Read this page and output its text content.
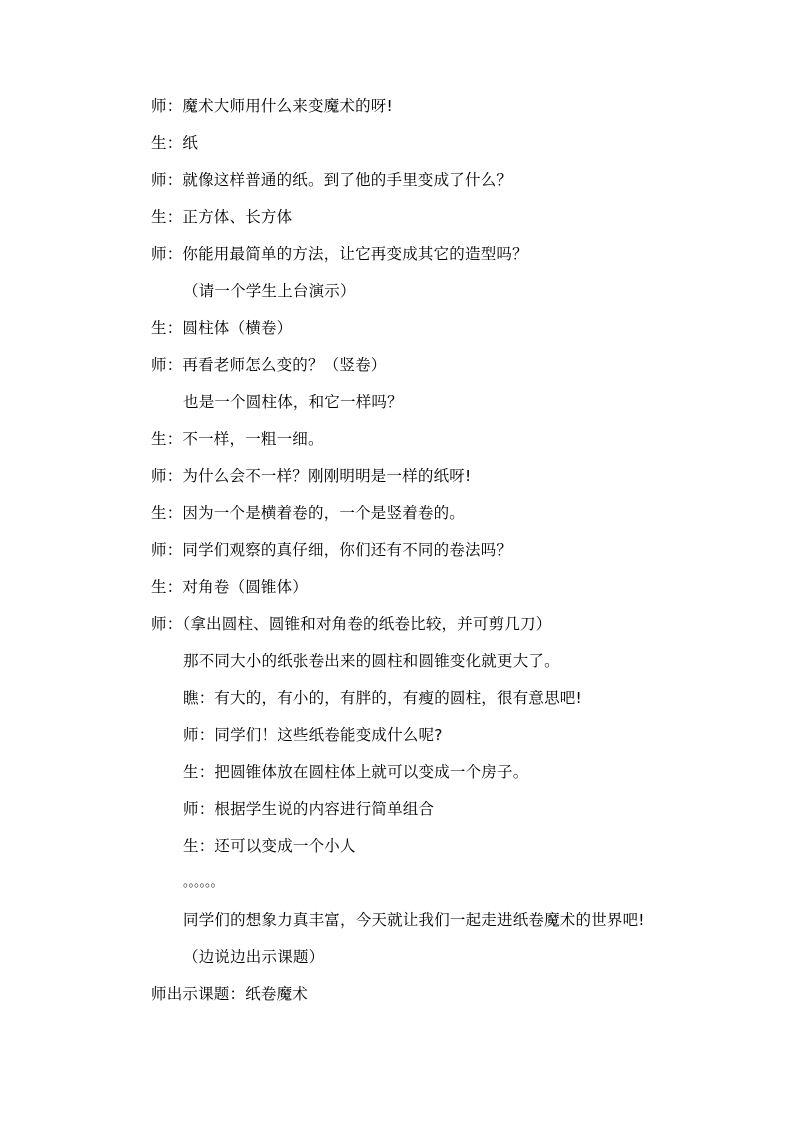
师：魔术大师用什么来变魔术的呀!
生：纸
师：就像这样普通的纸。到了他的手里变成了什么？
生：正方体、长方体
师：你能用最简单的方法，让它再变成其它的造型吗？
（请一个学生上台演示）
生：圆柱体（横卷）
师：再看老师怎么变的？（竖卷）
也是一个圆柱体，和它一样吗？
生：不一样，一粗一细。
师：为什么会不一样？刚刚明明是一样的纸呀!
生：因为一个是横着卷的，一个是竖着卷的。
师：同学们观察的真仔细，你们还有不同的卷法吗？
生：对角卷（圆锥体）
师：（拿出圆柱、圆锥和对角卷的纸卷比较，并可剪几刀）
那不同大小的纸张卷出来的圆柱和圆锥变化就更大了。
瞧：有大的，有小的，有胖的，有瘦的圆柱，很有意思吧!
师：同学们！这些纸卷能变成什么呢?
生：把圆锥体放在圆柱体上就可以变成一个房子。
师：根据学生说的内容进行简单组合
生：还可以变成一个小人
。。。。。。
同学们的想象力真丰富，今天就让我们一起走进纸卷魔术的世界吧!
（边说边出示课题）
师出示课题：纸卷魔术
